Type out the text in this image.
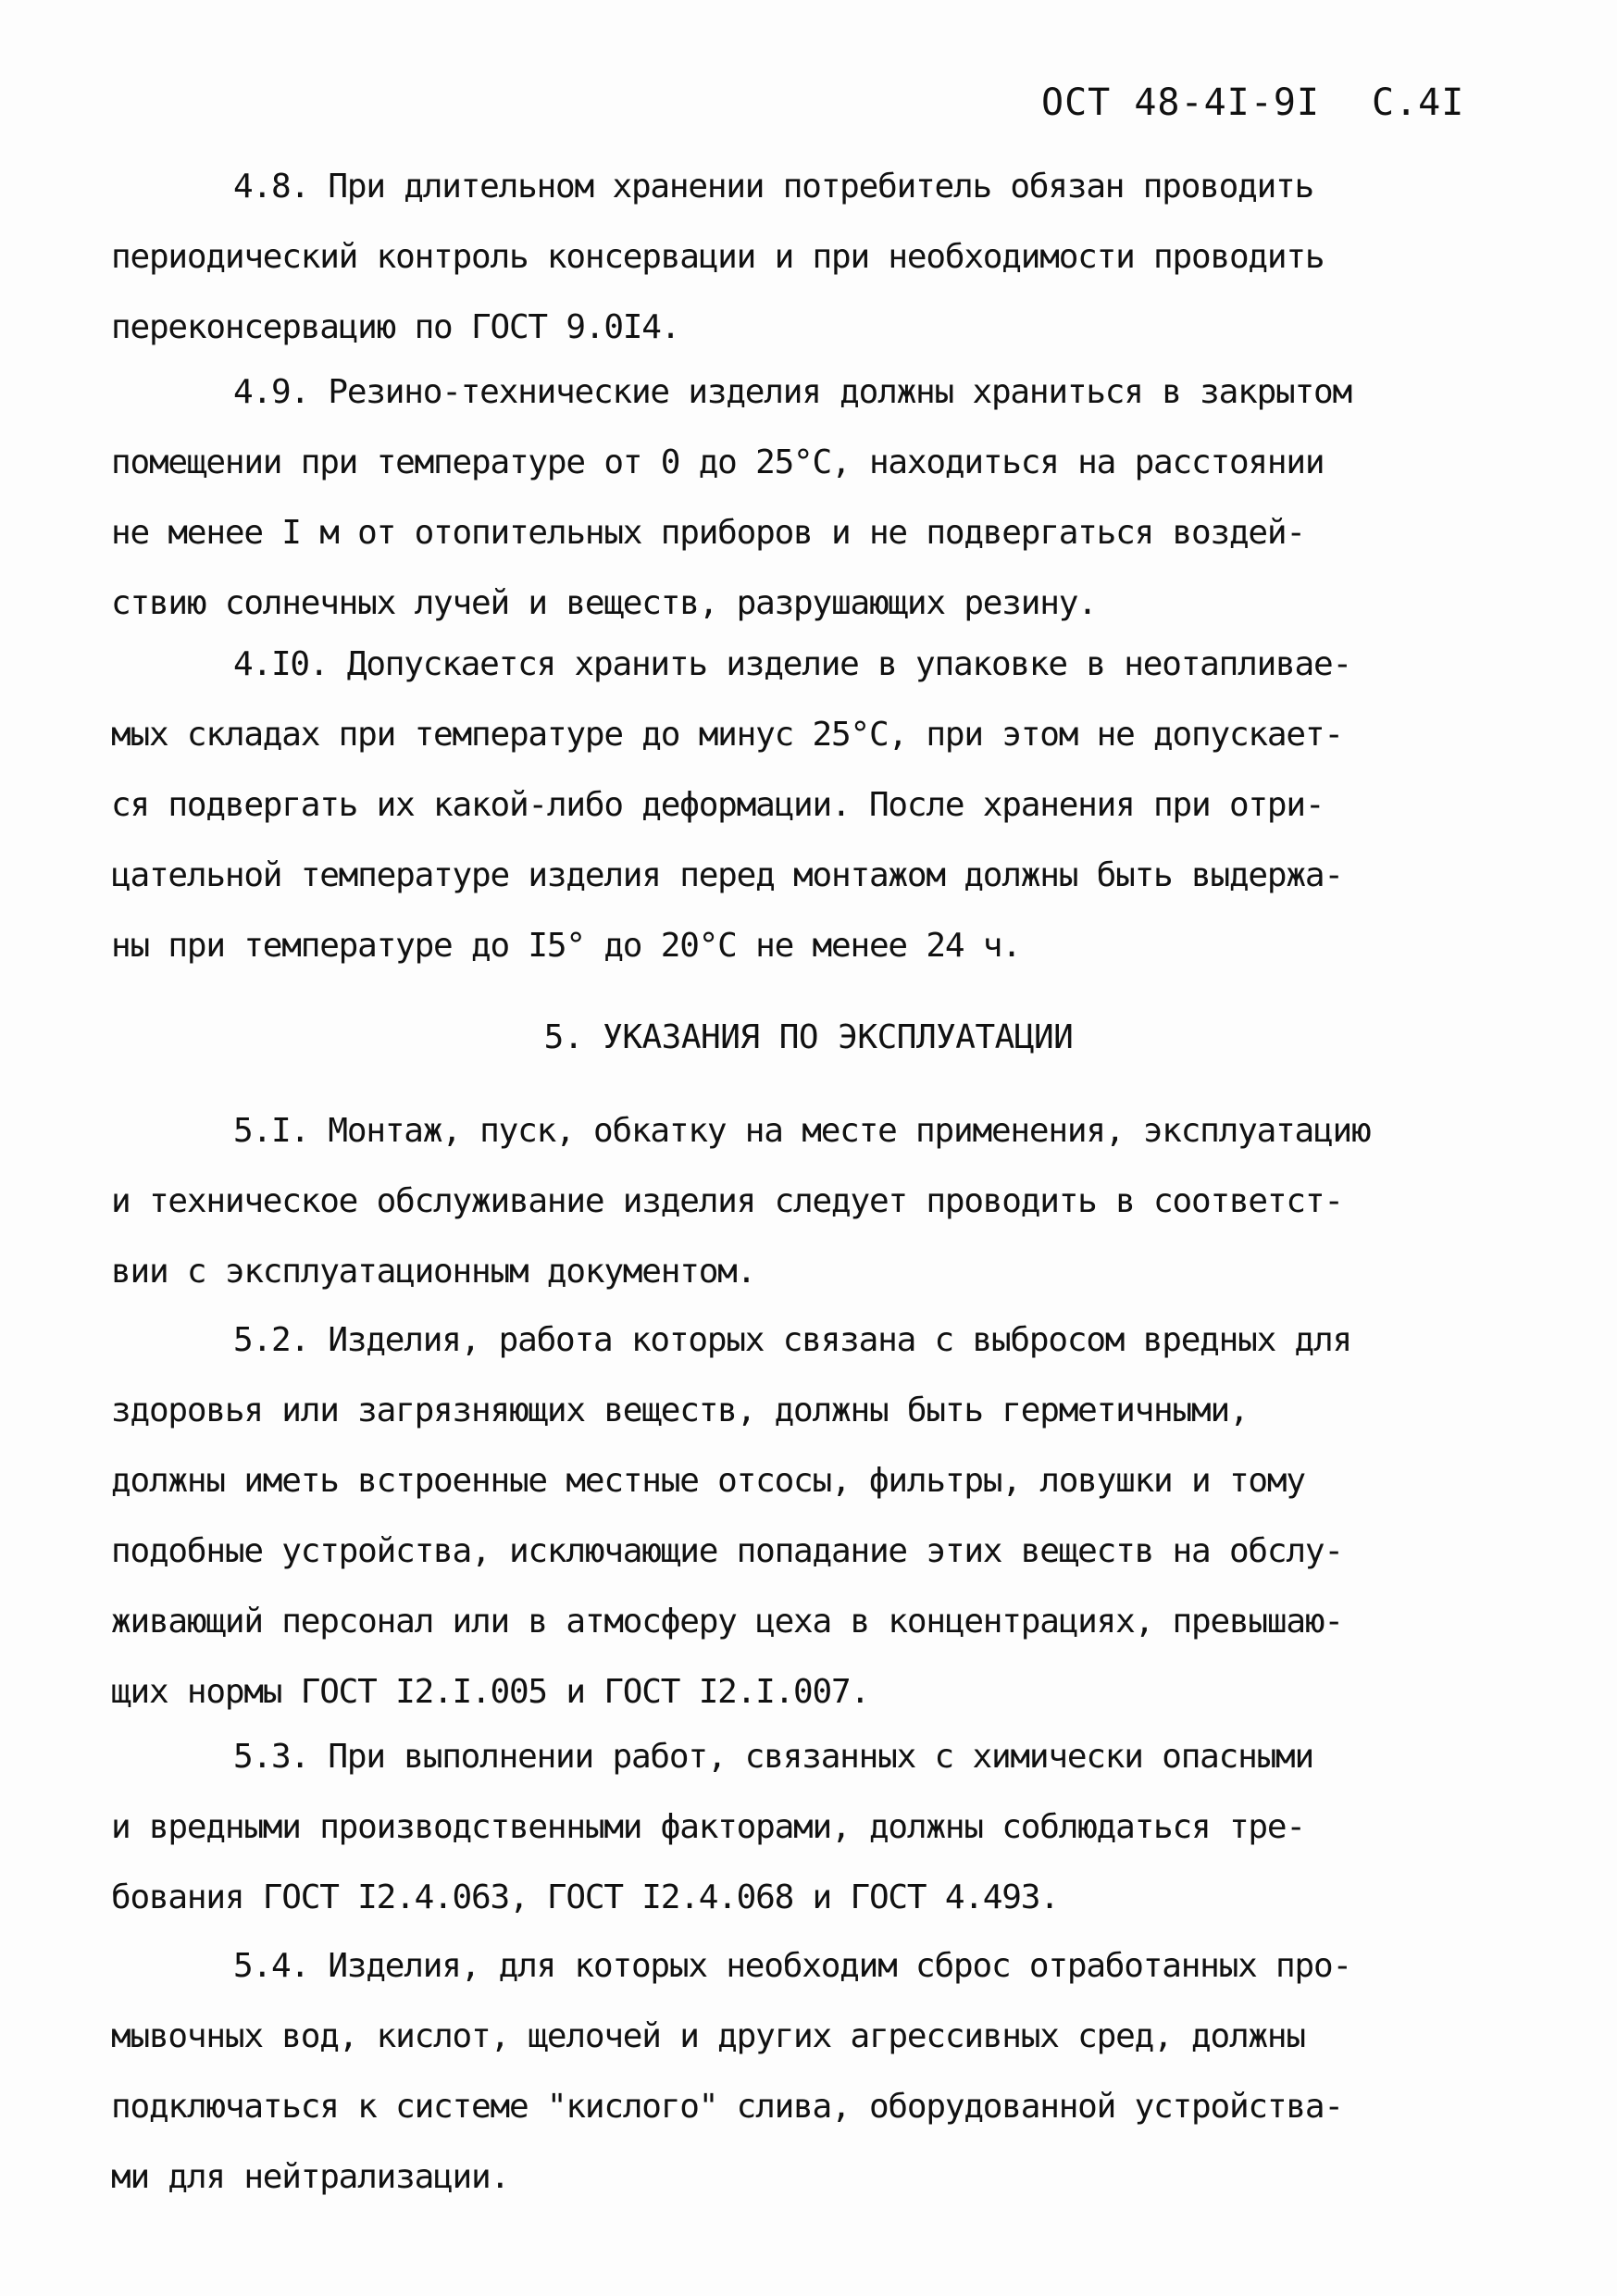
ОСТ 48-4I-9I С.4I
4.8. При длительном хранении потребитель обязан проводить
периодический контроль консервации и при необходимости проводить
переконсервацию по ГОСТ 9.0I4.
4.9. Резино-технические изделия должны храниться в закрытом
помещении при температуре от 0 до 25°С, находиться на расстоянии
не менее I м от отопительных приборов и не подвергаться воздей-
ствию солнечных лучей и веществ, разрушающих резину.
4.I0. Допускается хранить изделие в упаковке в неотапливае-
мых складах при температуре до минус 25°С, при этом не допускает-
ся подвергать их какой-либо деформации. После хранения при отри-
цательной температуре изделия перед монтажом должны быть выдержа-
ны при температуре до I5° до 20°С не менее 24 ч.
5. УКАЗАНИЯ ПО ЭКСПЛУАТАЦИИ
5.I. Монтаж, пуск, обкатку на месте применения, эксплуатацию
и техническое обслуживание изделия следует проводить в соответст-
вии с эксплуатационным документом.
5.2. Изделия, работа которых связана с выбросом вредных для
здоровья или загрязняющих веществ, должны быть герметичными,
должны иметь встроенные местные отсосы, фильтры, ловушки и тому
подобные устройства, исключающие попадание этих веществ на обслу-
живающий персонал или в атмосферу цеха в концентрациях, превышаю-
щих нормы ГОСТ I2.I.005 и ГОСТ I2.I.007.
5.3. При выполнении работ, связанных с химически опасными
и вредными производственными факторами, должны соблюдаться тре-
бования ГОСТ I2.4.063, ГОСТ I2.4.068 и ГОСТ 4.493.
5.4. Изделия, для которых необходим сброс отработанных про-
мывочных вод, кислот, щелочей и других агрессивных сред, должны
подключаться к системе "кислого" слива, оборудованной устройства-
ми для нейтрализации.
